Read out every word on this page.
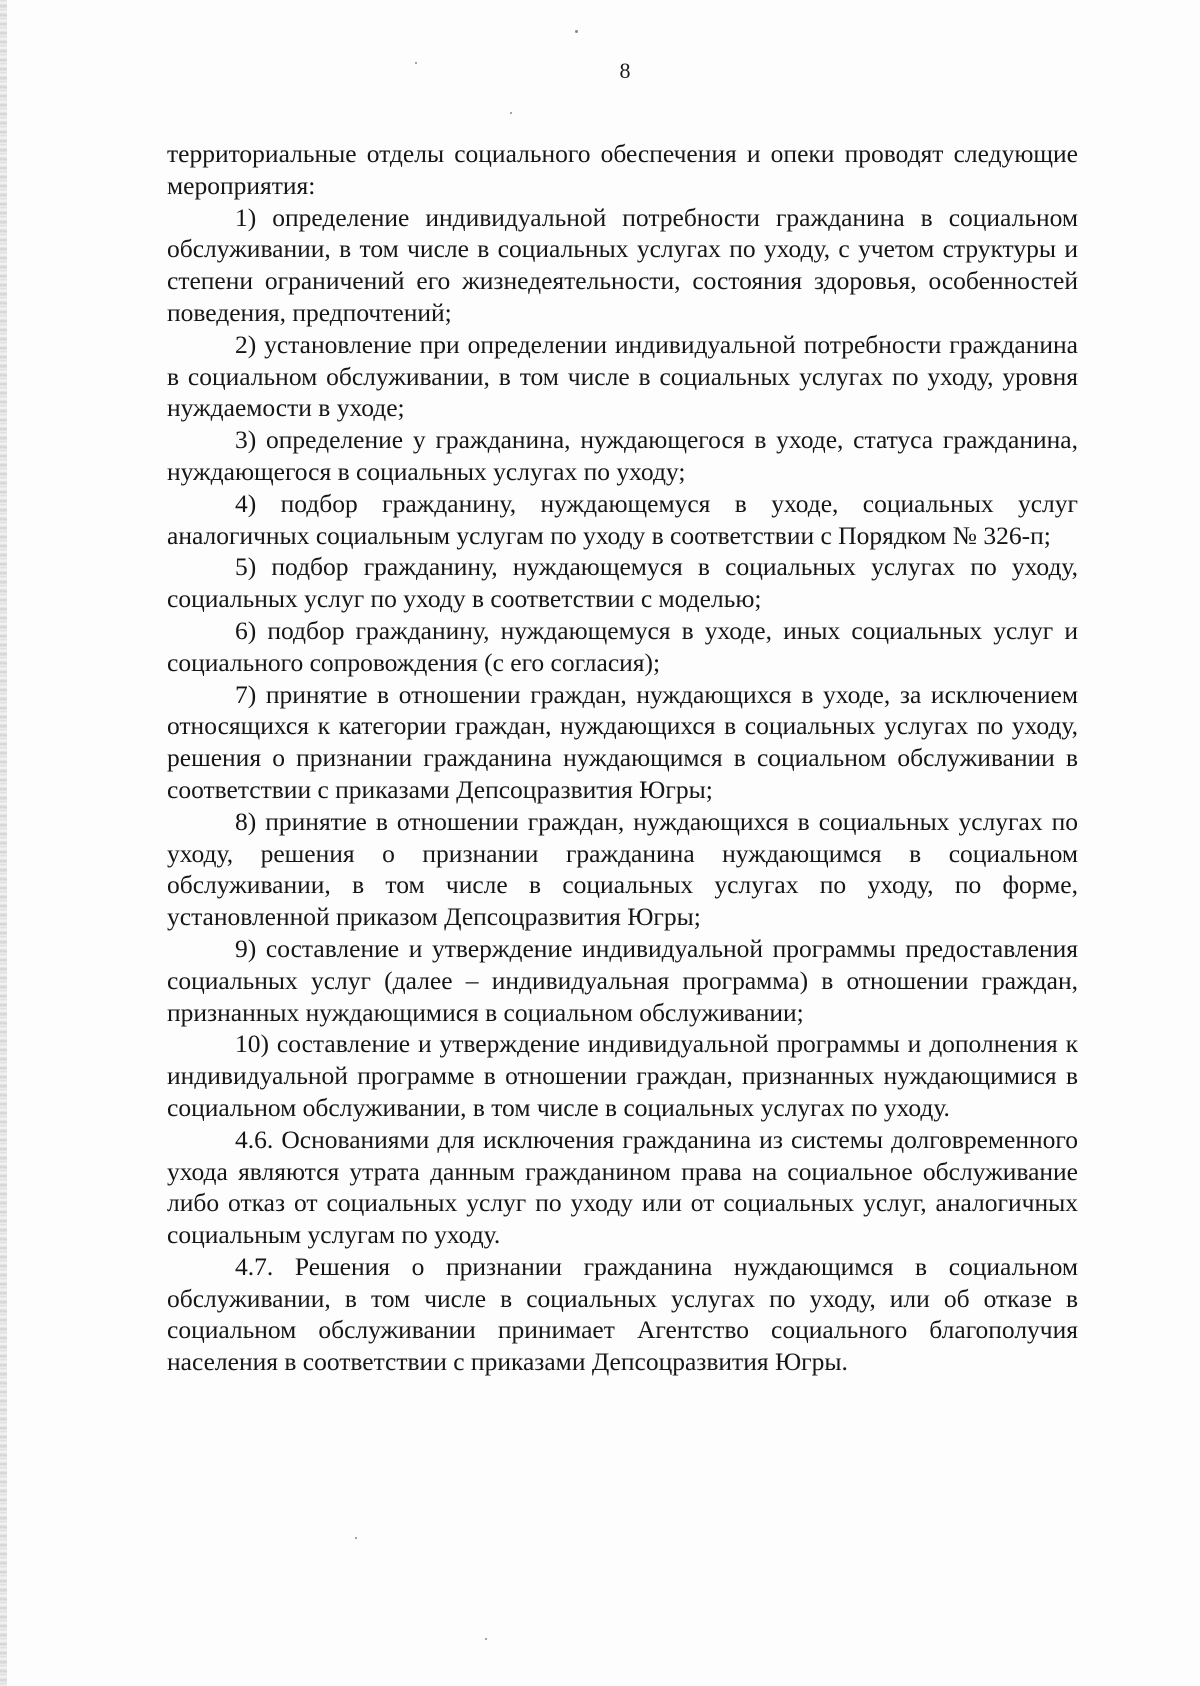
8

территориальные отделы социального обеспечения и опеки проводят следующие мероприятия:

1) определение индивидуальной потребности гражданина в социальном обслуживании, в том числе в социальных услугах по уходу, с учетом структуры и степени ограничений его жизнедеятельности, состояния здоровья, особенностей поведения, предпочтений;

2) установление при определении индивидуальной потребности гражданина в социальном обслуживании, в том числе в социальных услугах по уходу, уровня нуждаемости в уходе;

3) определение у гражданина, нуждающегося в уходе, статуса гражданина, нуждающегося в социальных услугах по уходу;

4) подбор гражданину, нуждающемуся в уходе, социальных услуг аналогичных социальным услугам по уходу в соответствии с Порядком № 326-п;

5) подбор гражданину, нуждающемуся в социальных услугах по уходу, социальных услуг по уходу в соответствии с моделью;

6) подбор гражданину, нуждающемуся в уходе, иных социальных услуг и социального сопровождения (с его согласия);

7) принятие в отношении граждан, нуждающихся в уходе, за исключением относящихся к категории граждан, нуждающихся в социальных услугах по уходу, решения о признании гражданина нуждающимся в социальном обслуживании в соответствии с приказами Депсоцразвития Югры;

8) принятие в отношении граждан, нуждающихся в социальных услугах по уходу, решения о признании гражданина нуждающимся в социальном обслуживании, в том числе в социальных услугах по уходу, по форме, установленной приказом Депсоцразвития Югры;

9) составление и утверждение индивидуальной программы предоставления социальных услуг (далее – индивидуальная программа) в отношении граждан, признанных нуждающимися в социальном обслуживании;

10) составление и утверждение индивидуальной программы и дополнения к индивидуальной программе в отношении граждан, признанных нуждающимися в социальном обслуживании, в том числе в социальных услугах по уходу.

4.6. Основаниями для исключения гражданина из системы долговременного ухода являются утрата данным гражданином права на социальное обслуживание либо отказ от социальных услуг по уходу или от социальных услуг, аналогичных социальным услугам по уходу.

4.7. Решения о признании гражданина нуждающимся в социальном обслуживании, в том числе в социальных услугах по уходу, или об отказе в социальном обслуживании принимает Агентство социального благополучия населения в соответствии с приказами Депсоцразвития Югры.
